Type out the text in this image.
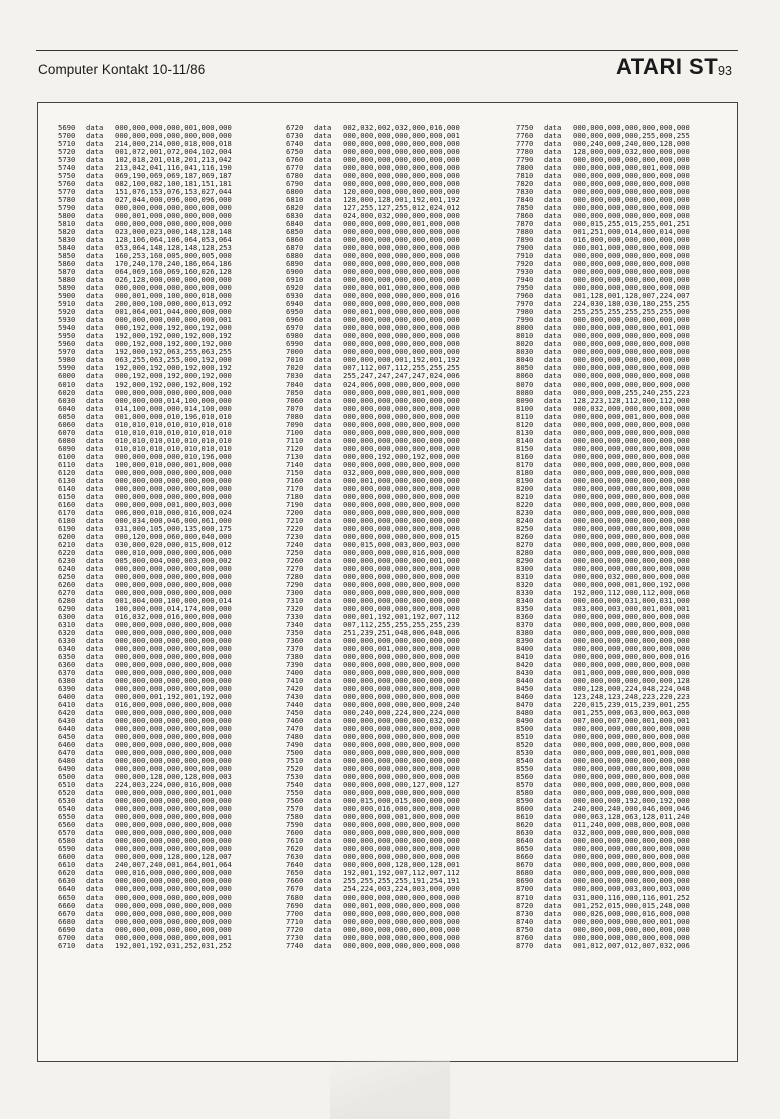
Computer Kontakt 10-11/86	ATARI ST 93
5690 data 000,000,000,000,001,000,000
5700 data 000,000,000,000,000,000,000
5710 data 214,000,214,000,018,000,018
5720 data 001,072,001,072,004,102,004
5730 data 102,018,201,018,201,213,042
5740 data 213,042,041,116,041,116,190
5750 data 069,190,069,069,187,069,187
5760 data 082,100,082,100,181,151,181
5770 data 151,076,153,076,153,027,044
5780 data 027,044,000,096,000,096,000
5790 data 000,000,000,000,000,000,000
5800 data 000,001,000,000,000,000,000
5810 data 000,000,000,000,000,000,000
5820 data 023,000,023,000,148,128,148
5830 data 128,106,064,106,064,053,064
5840 data 053,064,148,128,148,128,253
5850 data 160,253,160,005,000,005,000
5860 data 170,240,170,240,186,064,186
5870 data 064,069,160,069,160,026,128
5880 data 026,128,000,000,000,000,000
5890 data 000,000,000,000,000,000,000
5900 data 000,001,000,100,000,018,000
5910 data 200,000,100,000,000,013,092
5920 data 001,064,001,044,000,000,000
5930 data 000,000,000,000,000,000,001
5940 data 000,192,000,192,000,192,000
5950 data 192,000,192,000,192,000,192
5960 data 000,192,000,192,000,192,000
5970 data 192,000,192,063,255,063,255
5980 data 063,255,063,255,000,192,000
5990 data 192,000,192,000,192,000,192
6000 data 000,192,000,192,000,192,000
6010 data 192,000,192,000,192,000,192
6020 data 000,000,000,000,000,000,000
6030 data 000,000,000,014,100,000,000
6040 data 014,100,000,000,014,100,000
6050 data 001,000,000,010,196,010,010
6060 data 010,010,010,010,010,010,010
6070 data 010,010,010,010,010,010,010
6080 data 010,010,010,010,010,010,010
6090 data 010,010,010,010,010,010,010
6100 data 000,000,000,000,010,196,000
6110 data 100,000,010,000,001,000,000
6120 data 000,000,000,000,000,000,000
6130 data 000,000,000,000,000,000,000
6140 data 000,000,000,000,000,000,000
6150 data 000,000,000,000,000,000,000
6160 data 000,000,000,001,000,003,000
6170 data 006,000,010,000,016,000,024
6180 data 000,034,000,046,000,061,000
6190 data 031,000,105,000,135,000,175
6200 data 000,120,000,060,000,040,000
6210 data 030,000,020,000,015,000,012
6220 data 000,010,000,000,000,006,000
6230 data 005,000,004,000,003,000,002
6240 data 000,000,000,000,000,000,000
6250 data 000,000,000,000,000,000,000
6260 data 000,000,000,000,000,000,000
6270 data 000,000,000,000,000,000,000
6280 data 001,004,000,100,000,000,014
6290 data 100,000,000,014,174,000,000
6300 data 016,032,000,016,000,000,000
6310 data 000,000,000,000,000,000,000
6320 data 000,000,000,000,000,000,000
6330 data 000,000,000,000,000,000,000
6340 data 000,000,000,000,000,000,000
6350 data 000,000,000,000,000,000,000
6360 data 000,000,000,000,000,000,000
6370 data 000,000,000,000,000,000,000
6380 data 000,000,000,000,000,000,000
6390 data 000,000,000,000,000,000,000
6400 data 000,000,001,192,001,192,000
6410 data 016,000,000,000,000,000,000
6420 data 000,000,000,000,000,000,000
6430 data 000,000,000,000,000,000,000
6440 data 000,000,000,000,000,000,000
6450 data 000,000,000,000,000,000,000
6460 data 000,000,000,000,000,000,000
6470 data 000,000,000,000,000,000,000
6480 data 000,000,000,000,000,000,000
6490 data 000,000,000,000,000,000,000
6500 data 000,000,128,000,128,000,003
6510 data 224,003,224,000,016,000,000
6520 data 000,000,000,000,000,001,000
6530 data 000,000,000,000,000,000,000
6540 data 000,000,000,000,000,000,000
6550 data 000,000,000,000,000,000,000
6560 data 000,000,000,000,000,000,000
6570 data 000,000,000,000,000,000,000
6580 data 000,000,000,000,000,000,000
6590 data 000,000,000,000,000,000,000
6600 data 000,000,000,128,000,128,007
6610 data 240,007,240,001,064,001,064
6620 data 000,016,000,000,000,000,000
6630 data 000,000,000,000,000,000,000
6640 data 000,000,000,000,000,000,000
6650 data 000,000,000,000,000,000,000
6660 data 000,000,000,000,000,000,000
6670 data 000,000,000,000,000,000,000
6680 data 000,000,000,000,000,000,000
6690 data 000,000,000,000,000,000,000
6700 data 000,000,000,000,000,000,001
6710 data 192,001,192,031,252,031,252
6720 data 002,032,002,032,000,016,000
6730 data 000,000,000,000,000,000,001
6740 data 000,000,000,000,000,000,000
6750 data 000,000,000,000,000,000,000
6760 data 000,000,000,000,000,000,000
6770 data 000,000,000,000,000,000,000
6780 data 000,000,000,000,000,000,000
6790 data 000,000,000,000,000,000,000
6800 data 120,000,000,000,000,000,000
6810 data 128,000,128,001,192,001,192
6820 data 127,255,127,255,012,024,012
6830 data 024,000,032,000,000,000,000
6840 data 000,000,000,000,001,000,000
6850 data 000,000,000,000,000,000,000
6860 data 000,000,000,000,000,000,000
6870 data 000,000,000,000,000,000,000
6880 data 000,000,000,000,000,000,000
6890 data 000,000,000,000,000,000,000
6900 data 000,000,000,000,000,000,000
6910 data 000,000,000,000,000,000,000
6920 data 000,000,001,000,000,000,000
6930 data 000,000,000,000,000,000,016
6940 data 000,000,000,000,000,000,000
6950 data 000,001,000,000,000,000,000
6960 data 000,000,000,000,000,000,000
6970 data 000,000,000,000,000,000,000
6980 data 000,000,000,000,000,000,000
6990 data 000,000,000,000,000,000,000
7000 data 000,000,000,000,000,000,000
7010 data 000,000,000,001,192,001,192
7020 data 007,112,007,112,255,255,255
7030 data 255,247,247,247,247,024,006
7040 data 024,006,000,000,000,000,000
7050 data 000,000,000,000,001,000,000
7060 data 000,000,000,000,000,000,000
7070 data 000,000,000,000,000,000,000
7080 data 000,000,000,000,000,000,000
7090 data 000,000,000,000,000,000,000
7100 data 000,000,000,000,000,000,000
7110 data 000,000,000,000,000,000,000
7120 data 000,000,000,000,000,000,000
7130 data 000,000,192,000,192,000,000
7140 data 000,000,000,000,000,000,000
7150 data 032,000,000,000,000,000,000
7160 data 000,001,000,000,000,000,000
7170 data 000,000,000,000,000,000,000
7180 data 000,000,000,000,000,000,000
7190 data 000,000,000,000,000,000,000
7200 data 000,000,000,000,000,000,000
7210 data 000,000,000,000,000,000,000
7220 data 000,000,000,000,000,000,000
7230 data 000,000,000,000,000,000,015
7240 data 000,015,000,003,000,003,000
7250 data 000,000,000,000,016,000,000
7260 data 000,000,000,000,000,001,000
7270 data 000,000,000,000,000,000,000
7280 data 000,000,000,000,000,000,000
7290 data 000,000,000,000,000,000,000
7300 data 000,000,000,000,000,000,000
7310 data 000,000,000,000,000,000,000
7320 data 000,000,000,000,000,000,000
7330 data 000,001,192,001,192,007,112
7340 data 007,112,255,255,255,255,239
7350 data 251,239,251,048,006,048,006
7360 data 000,000,000,000,000,000,000
7370 data 000,000,001,000,000,000,000
7380 data 000,000,000,000,000,000,000
7390 data 000,000,000,000,000,000,000
7400 data 000,000,000,000,000,000,000
7410 data 000,000,000,000,000,000,000
7420 data 000,000,000,000,000,000,000
7430 data 000,000,000,000,000,000,000
7440 data 000,000,000,000,000,000,240
7450 data 000,240,000,224,000,224,000
7460 data 000,000,000,000,000,032,000
7470 data 000,000,000,000,000,000,000
7480 data 000,000,000,000,000,000,000
7490 data 000,000,000,000,000,000,000
7500 data 000,000,000,000,000,000,000
7510 data 000,000,000,000,000,000,000
7520 data 000,000,000,000,000,000,000
7530 data 000,000,000,000,000,000,000
7540 data 000,000,000,000,127,000,127
7550 data 000,000,000,000,000,000,000
7560 data 000,015,000,015,000,000,000
7570 data 000,000,016,000,000,000,000
7580 data 000,000,000,001,000,000,000
7590 data 000,000,000,000,000,000,000
7600 data 000,000,000,000,000,000,000
7610 data 000,000,000,000,000,000,000
7620 data 000,000,000,000,000,000,000
7630 data 000,000,000,000,000,000,000
7640 data 000,000,000,128,000,128,001
7650 data 192,001,192,007,112,007,112
7660 data 255,255,255,255,191,254,191
7670 data 254,224,003,224,003,000,000
7680 data 000,000,000,000,000,000,000
7690 data 000,001,000,000,000,000,000
7700 data 000,000,000,000,000,000,000
7710 data 000,000,000,000,000,000,000
7720 data 000,000,000,000,000,000,000
7730 data 000,000,000,000,000,000,000
7740 data 000,000,000,000,000,000,000
7750 data 000,000,000,000,000,000,000
7760 data 000,000,000,000,255,000,255
7770 data 000,240,000,240,000,128,000
7780 data 128,000,000,032,000,000,000
7790 data 000,000,000,000,000,000,000
7800 data 000,000,000,000,001,000,000
7810 data 000,000,000,000,000,000,000
7820 data 000,000,000,000,000,000,000
7830 data 000,000,000,000,000,000,000
7840 data 000,000,000,000,000,000,000
7850 data 000,000,000,000,000,000,000
7860 data 000,000,000,000,000,000,000
7870 data 000,015,255,015,255,001,251
7880 data 001,251,000,014,000,014,000
7890 data 016,000,000,000,000,000,000
7900 data 000,001,000,000,000,000,000
7910 data 000,000,000,000,000,000,000
7920 data 000,000,000,000,000,000,000
7930 data 000,000,000,000,000,000,000
7940 data 000,000,000,000,000,000,000
7950 data 000,000,000,000,000,000,000
7960 data 001,128,001,128,007,224,007
7970 data 224,030,180,030,180,255,255
7980 data 255,255,255,255,255,255,000
7990 data 000,000,000,000,000,000,000
8000 data 000,000,000,000,000,001,000
8010 data 000,000,000,000,000,000,000
8020 data 000,000,000,000,000,000,000
8030 data 000,000,000,000,000,000,000
8040 data 000,000,000,000,000,000,000
8050 data 000,000,000,000,000,000,000
8060 data 000,000,000,000,000,000,000
8070 data 000,000,000,000,000,000,000
8080 data 000,000,000,255,240,255,223
8090 data 128,223,128,112,000,112,000
8100 data 000,032,000,000,000,000,000
8110 data 000,000,000,001,000,000,000
8120 data 000,000,000,000,000,000,000
8130 data 000,000,000,000,000,000,000
8140 data 000,000,000,000,000,000,000
8150 data 000,000,000,000,000,000,000
8160 data 000,000,000,000,000,000,000
8170 data 000,000,000,000,000,000,000
8180 data 000,000,000,000,000,000,000
8190 data 000,000,000,000,000,000,000
8200 data 000,000,000,000,000,000,000
8210 data 000,000,000,000,000,000,000
8220 data 000,000,000,000,000,000,000
8230 data 000,000,000,000,000,000,000
8240 data 000,000,000,000,000,000,000
8250 data 000,000,000,000,000,000,000
8260 data 000,000,000,000,000,000,000
8270 data 000,000,000,000,000,000,000
8280 data 000,000,000,000,000,000,000
8290 data 000,000,000,000,000,000,000
8300 data 000,000,000,000,000,000,000
8310 data 000,000,032,000,000,000,000
8320 data 000,000,000,001,000,192,000
8330 data 192,000,112,000,112,000,060
8340 data 000,060,000,031,000,031,000
8350 data 003,000,003,000,001,000,001
8360 data 000,000,000,000,000,000,000
8370 data 000,000,000,000,000,000,000
8380 data 000,000,000,000,000,000,000
8390 data 000,000,000,000,000,000,000
8400 data 000,000,000,000,000,000,000
8410 data 000,000,000,000,000,000,016
8420 data 000,000,000,000,000,000,000
8430 data 001,000,000,000,000,000,000
8440 data 000,000,000,000,000,000,128
8450 data 000,128,000,224,048,224,048
8460 data 123,248,123,248,223,220,223
8470 data 220,015,239,015,239,001,255
8480 data 001,255,000,063,000,063,000
8490 data 007,000,007,000,001,000,001
8500 data 000,000,000,000,000,000,000
8510 data 000,000,000,000,000,000,000
8520 data 000,000,000,000,000,000,000
8530 data 000,000,000,000,001,000,000
8540 data 000,000,000,000,000,000,000
8550 data 000,000,000,000,000,000,000
8560 data 000,000,000,000,000,000,000
8570 data 000,000,000,000,000,000,000
8580 data 000,000,000,000,000,000,000
8590 data 000,000,000,192,000,192,000
8600 data 240,000,240,000,046,000,046
8610 data 000,063,128,063,128,011,240
8620 data 011,240,000,008,000,008,000
8630 data 032,000,000,000,000,000,000
8640 data 000,000,000,000,000,000,000
8650 data 000,000,000,000,000,000,000
8660 data 000,000,000,000,000,000,000
8670 data 000,000,000,000,000,000,000
8680 data 000,000,000,000,000,000,000
8690 data 000,000,000,000,000,000,000
8700 data 000,000,000,003,000,003,000
8710 data 031,000,116,000,116,001,252
8720 data 001,252,015,000,015,248,000
8730 data 000,026,000,000,016,000,000
8740 data 000,000,000,000,000,001,000
8750 data 000,000,000,000,000,000,000
8760 data 000,000,000,000,000,000,000
8770 data 001,012,007,012,007,032,006
